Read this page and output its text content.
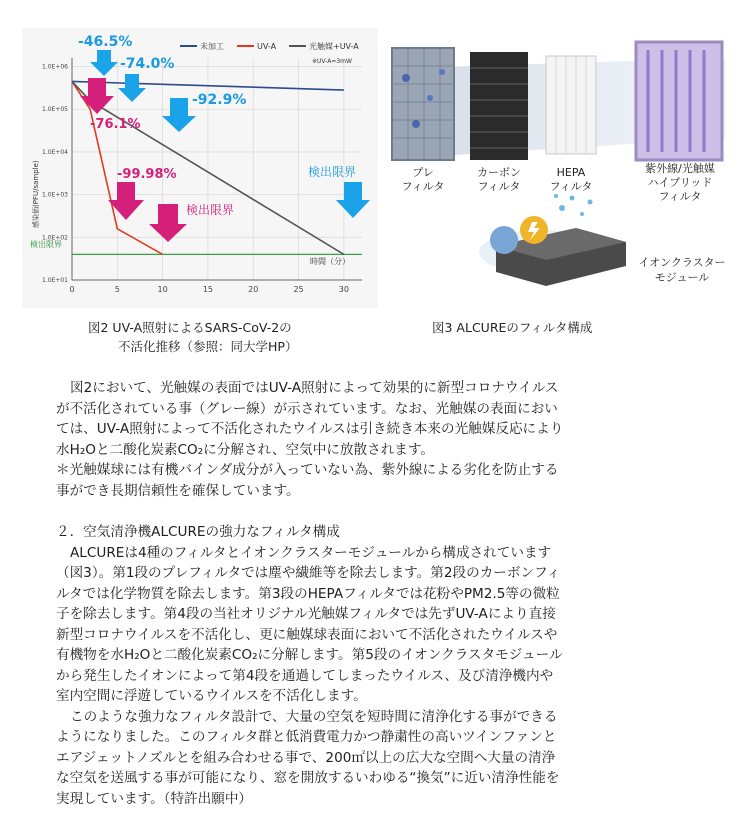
1.0E+01
1.0E+02
1.0E+03
1.0E+04
1.0E+05
1.0E+06
0	5	10	15	20	25	30
未加工	UV-A	光触媒+UV-A
※UV-A=3mW
感染価(PFU/sample)
時間（分）
検出限界
-46.5%
-74.0%
-92.9%
検出限界
-76.1%
-99.98%
検出限界
プレ
フィルタ
カーボン
フィルタ
HEPA
フィルタ
紫外線/光触媒
ハイブリッド
フィルタ
イオンクラスター
モジュール
図2 UV-A照射によるSARS-CoV-2の
不活化推移（参照：同大学HP）
図3 ALCUREのフィルタ構成
図2において、光触媒の表面ではUV-A照射によって効果的に新型コロナウイルス
が不活化されている事（グレー線）が示されています。なお、光触媒の表面におい
ては、UV-A照射によって不活化されたウイルスは引き続き本来の光触媒反応により
水H₂Oと二酸化炭素CO₂に分解され、空気中に放散されます。
＊光触媒球には有機バインダ成分が入っていない為、紫外線による劣化を防止する
事ができ長期信頼性を確保しています。
２．空気清浄機ALCUREの強力なフィルタ構成
ALCUREは4種のフィルタとイオンクラスターモジュールから構成されています
（図3）。第1段のプレフィルタでは塵や繊維等を除去します。第2段のカーボンフィ
ルタでは化学物質を除去します。第3段のHEPAフィルタでは花粉やPM2.5等の微粒
子を除去します。第4段の当社オリジナル光触媒フィルタでは先ずUV-Aにより直接
新型コロナウイルスを不活化し、更に触媒球表面において不活化されたウイルスや
有機物を水H₂Oと二酸化炭素CO₂に分解します。第5段のイオンクラスタモジュール
から発生したイオンによって第4段を通過してしまったウイルス、及び清浄機内や
室内空間に浮遊しているウイルスを不活化します。
このような強力なフィルタ設計で、大量の空気を短時間に清浄化する事ができる
ようになりました。このフィルタ群と低消費電力かつ静粛性の高いツインファンと
エアジェットノズルとを組み合わせる事で、200㎡以上の広大な空間へ大量の清浄
な空気を送風する事が可能になり、窓を開放するいわゆる“換気”に近い清浄性能を
実現しています。（特許出願中）
